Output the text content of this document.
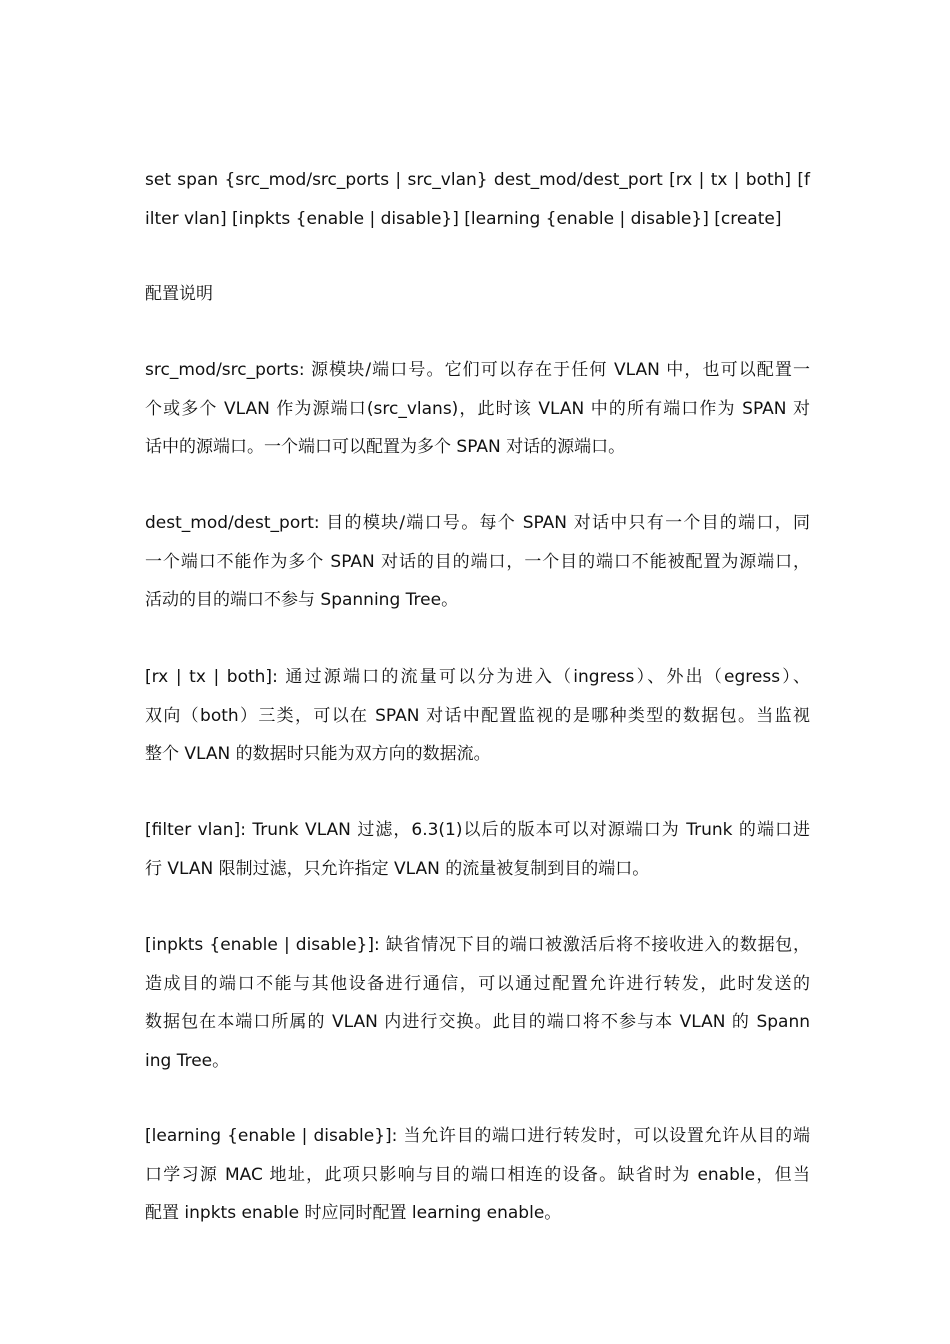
set span {src_mod/src_ports | src_vlan} dest_mod/dest_port [rx | tx | both] [f
ilter vlan] [inpkts {enable | disable}] [learning {enable | disable}] [create]
配置说明
src_mod/src_ports: 源模块/端口号。它们可以存在于任何 VLAN 中，也可以配置一
个或多个 VLAN 作为源端口(src_vlans)，此时该 VLAN 中的所有端口作为 SPAN 对
话中的源端口。一个端口可以配置为多个 SPAN 对话的源端口。
dest_mod/dest_port: 目的模块/端口号。每个 SPAN 对话中只有一个目的端口，同
一个端口不能作为多个 SPAN 对话的目的端口，一个目的端口不能被配置为源端口，
活动的目的端口不参与 Spanning Tree。
[rx | tx | both]: 通过源端口的流量可以分为进入（ingress）、外出（egress）、
双向（both）三类，可以在 SPAN 对话中配置监视的是哪种类型的数据包。当监视
整个 VLAN 的数据时只能为双方向的数据流。
[filter vlan]: Trunk VLAN 过滤，6.3(1)以后的版本可以对源端口为 Trunk 的端口进
行 VLAN 限制过滤，只允许指定 VLAN 的流量被复制到目的端口。
[inpkts {enable | disable}]: 缺省情况下目的端口被激活后将不接收进入的数据包，
造成目的端口不能与其他设备进行通信，可以通过配置允许进行转发，此时发送的
数据包在本端口所属的 VLAN 内进行交换。此目的端口将不参与本 VLAN 的 Spann
ing Tree。
[learning {enable | disable}]: 当允许目的端口进行转发时，可以设置允许从目的端
口学习源 MAC 地址，此项只影响与目的端口相连的设备。缺省时为 enable，但当
配置 inpkts enable 时应同时配置 learning enable。
